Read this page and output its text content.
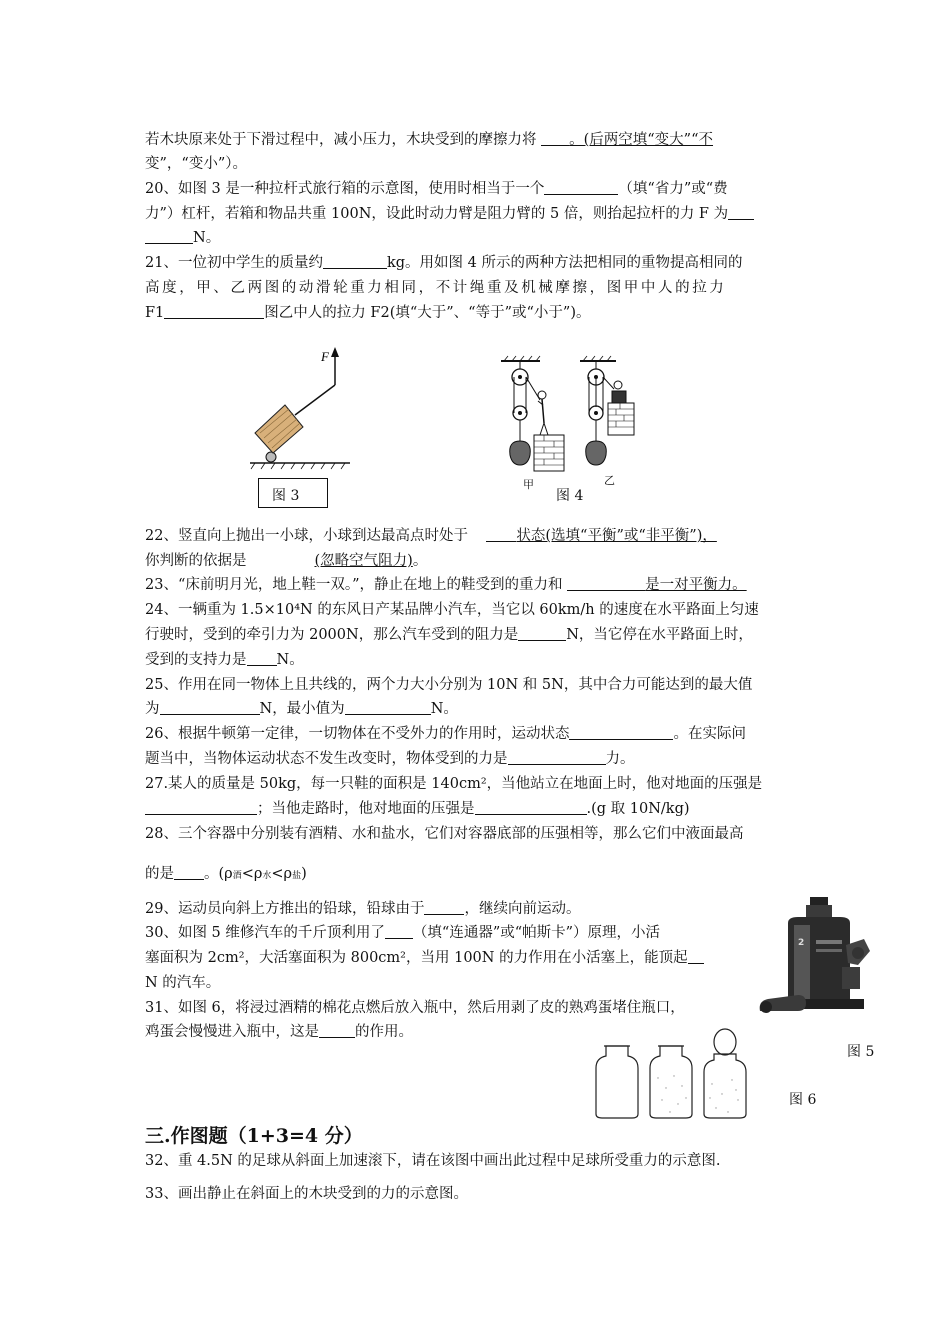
若木块原来处于下滑过程中，减小压力，木块受到的摩擦力将 。(后两空填“变大”“不
变”，“变小”）。
20、如图 3 是一种拉杆式旅行箱的示意图，使用时相当于一个	（填“省力”或“费
力”）杠杆，若箱和物品共重 100N，设此时动力臂是阻力臂的 5 倍，则抬起拉杆的力 F 为
N。
21、一位初中学生的质量约	kg。用如图 4 所示的两种方法把相同的重物提高相同的
高度，甲、乙两图的动滑轮重力相同，不计绳重及机械摩擦，图甲中人的拉力
F1	图乙中人的拉力 F2(填“大于”、“等于”或“小于”)。
F
图 3
甲
图 4
乙
22、竖直向上抛出一小球，小球到达最高点时处于	状态(选填“平衡”或“非平衡”)，
你判断的依据是	(忽略空气阻力)。
23、“床前明月光，地上鞋一双。”，静止在地上的鞋受到的重力和	是一对平衡力。
24、一辆重为 1.5×10⁴N 的东风日产某品牌小汽车，当它以 60km/h 的速度在水平路面上匀速
行驶时，受到的牵引力为 2000N，那么汽车受到的阻力是	N，当它停在水平路面上时，
受到的支持力是 N。
25、作用在同一物体上且共线的，两个力大小分别为 10N 和 5N，其中合力可能达到的最大值
为	N，最小值为	N。
26、根据牛顿第一定律，一切物体在不受外力的作用时，运动状态	。在实际问
题当中，当物体运动状态不发生改变时，物体受到的力是	力。
27.某人的质量是 50kg，每一只鞋的面积是 140cm²，当他站立在地面上时，他对地面的压强是
；当他走路时，他对地面的压强是	.(g 取 10N/kg)
28、三个容器中分别装有酒精、水和盐水，它们对容器底部的压强相等，那么它们中液面最高
的是 。(ρ酒<ρ水<ρ盐)
29、运动员向斜上方推出的铅球，铅球由于	，继续向前运动。
30、如图 5 维修汽车的千斤顶利用了 （填“连通器”或“帕斯卡”）原理，小活
塞面积为 2cm²，大活塞面积为 800cm²，当用 100N 的力作用在小活塞上，能顶起
N 的汽车。
31、如图 6，将浸过酒精的棉花点燃后放入瓶中，然后用剥了皮的熟鸡蛋堵住瓶口，
鸡蛋会慢慢进入瓶中，这是 的作用。
2
图 5
图 6
三.作图题（1+3=4 分）
32、重 4.5N 的足球从斜面上加速滚下，请在该图中画出此过程中足球所受重力的示意图.
33、画出静止在斜面上的木块受到的力的示意图。
